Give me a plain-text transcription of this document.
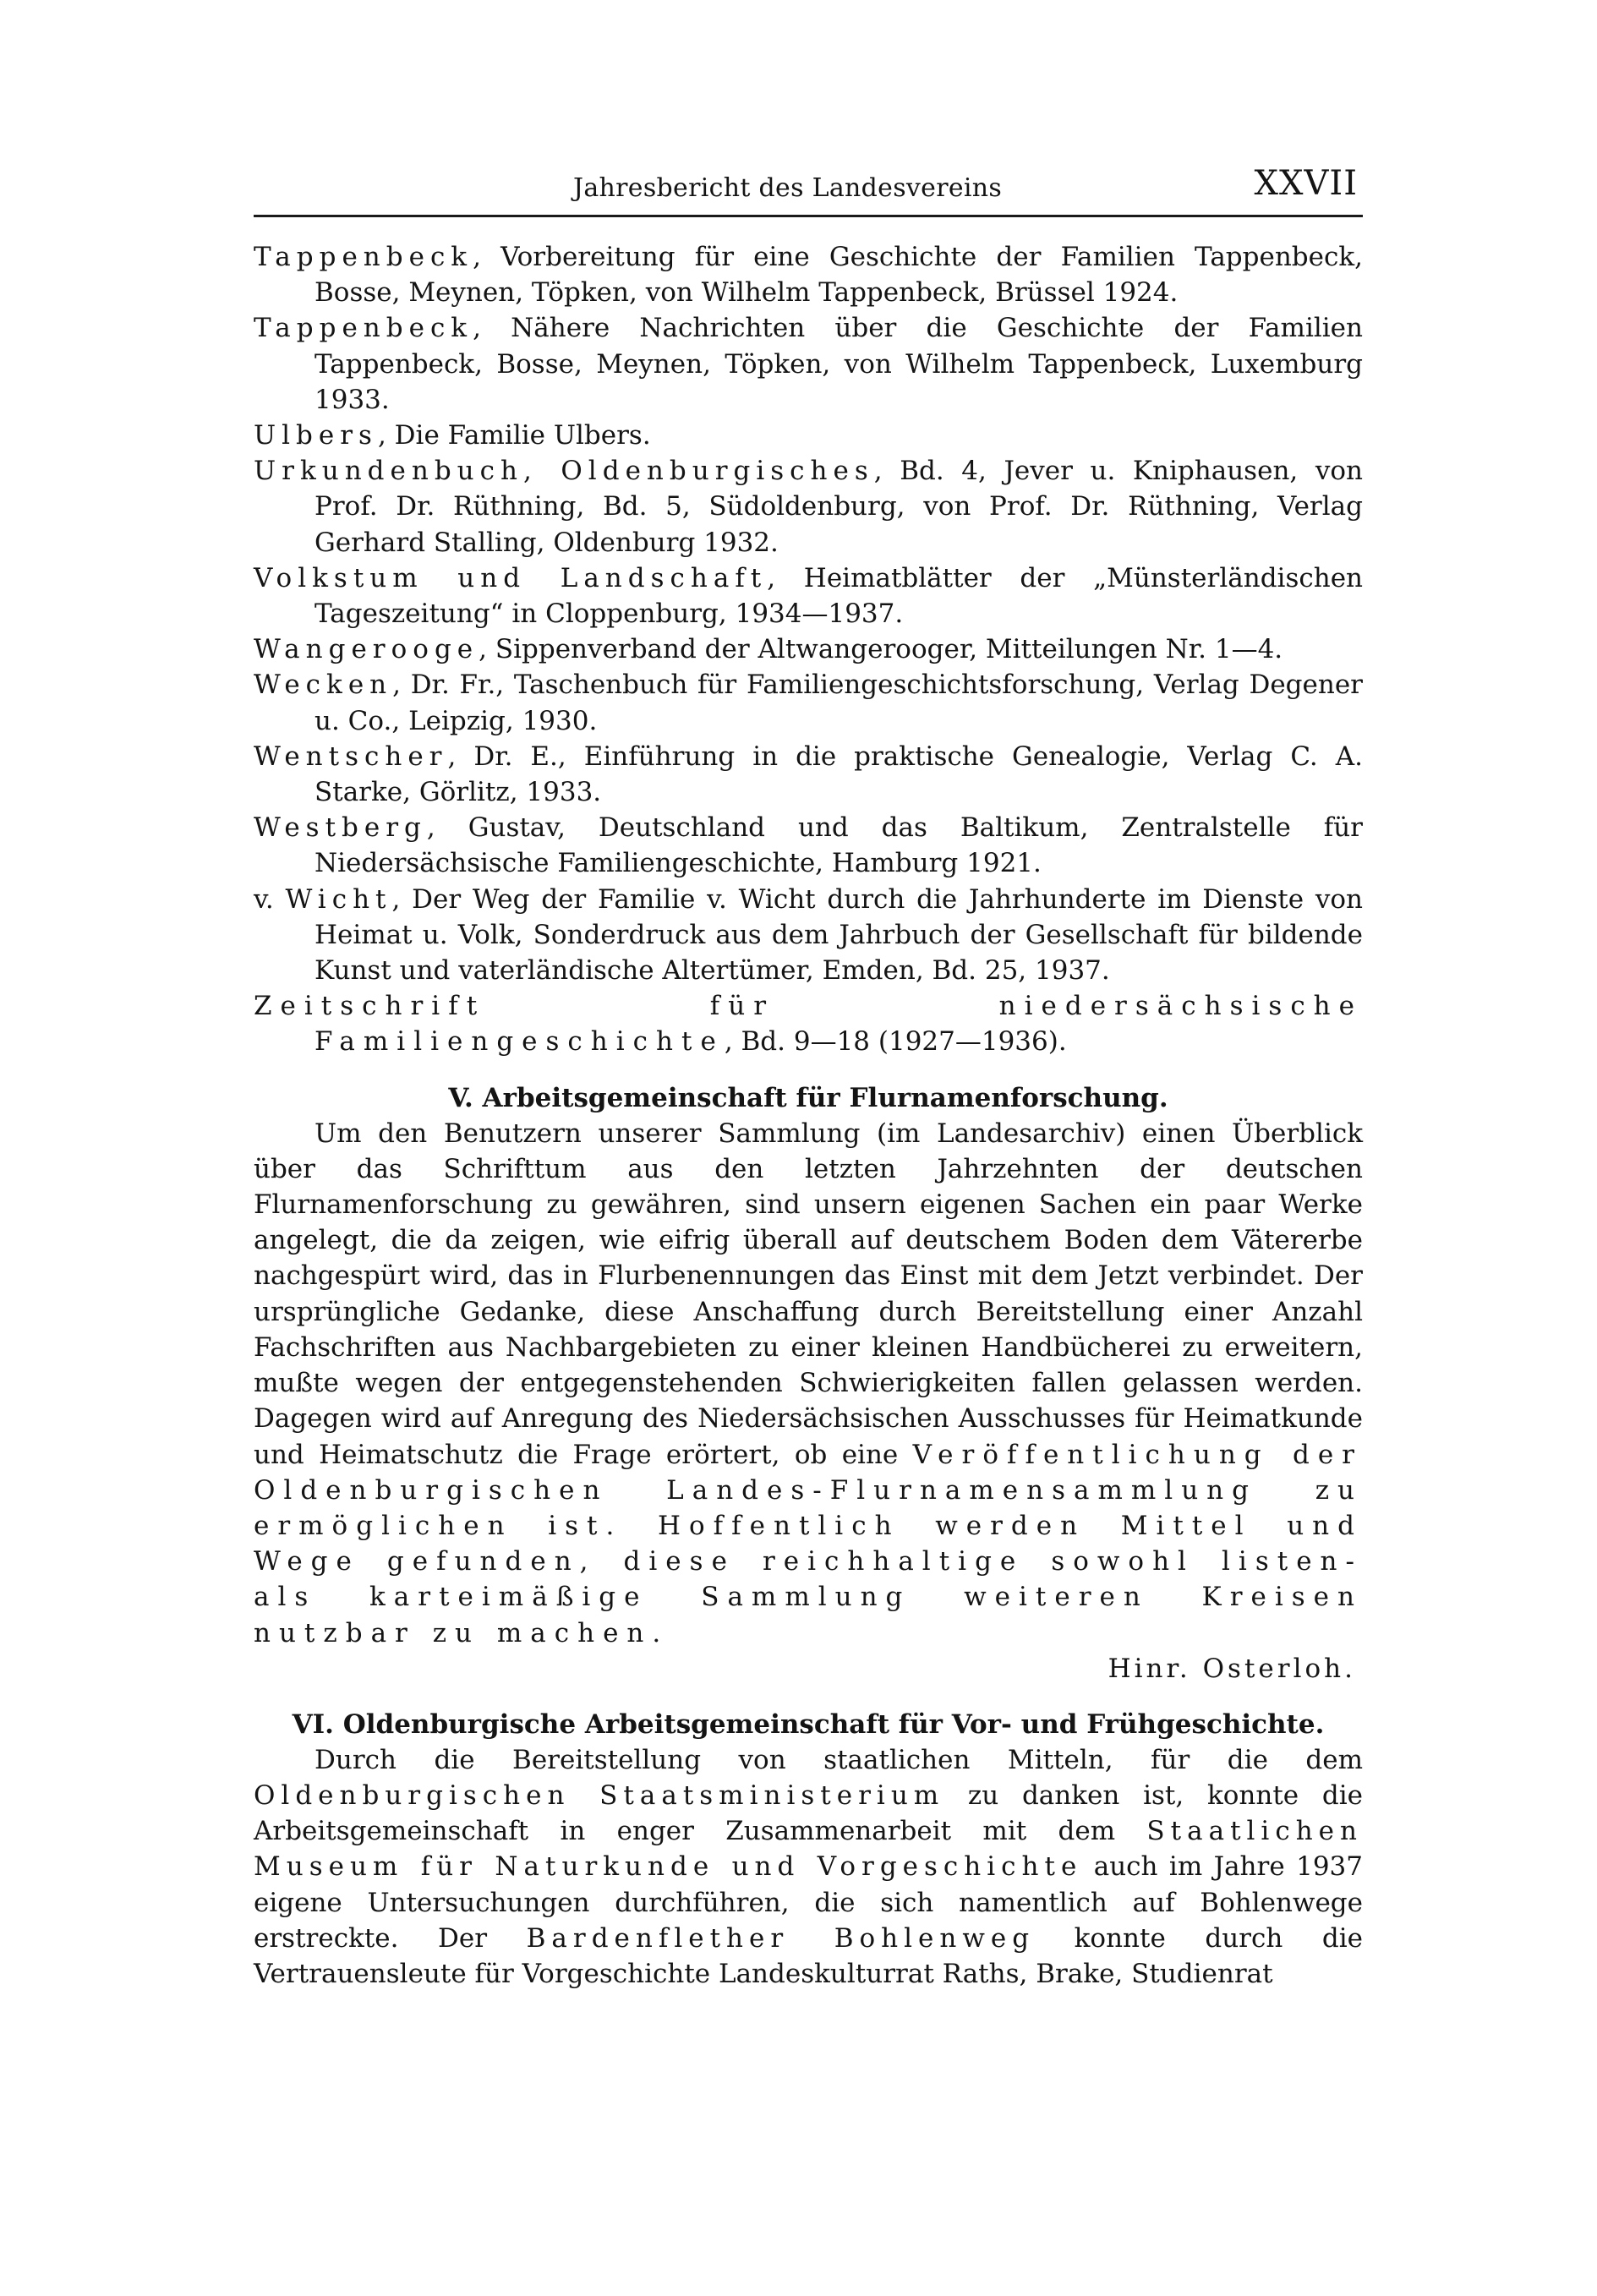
Jahresbericht des Landesvereins	XXVII
Tappenbeck, Vorbereitung für eine Geschichte der Familien Tappenbeck, Bosse, Meynen, Töpken, von Wilhelm Tappenbeck, Brüssel 1924.
Tappenbeck, Nähere Nachrichten über die Geschichte der Familien Tappenbeck, Bosse, Meynen, Töpken, von Wilhelm Tappenbeck, Luxemburg 1933.
Ulbers, Die Familie Ulbers.
Urkundenbuch, Oldenburgisches, Bd. 4, Jever u. Kniphausen, von Prof. Dr. Rüthning, Bd. 5, Südoldenburg, von Prof. Dr. Rüthning, Verlag Gerhard Stalling, Oldenburg 1932.
Volkstum und Landschaft, Heimatblätter der „Münsterländischen Tageszeitung“ in Cloppenburg, 1934—1937.
Wangerooge, Sippenverband der Altwangerooger, Mitteilungen Nr. 1—4.
Wecken, Dr. Fr., Taschenbuch für Familiengeschichtsforschung, Verlag Degener u. Co., Leipzig, 1930.
Wentscher, Dr. E., Einführung in die praktische Genealogie, Verlag C. A. Starke, Görlitz, 1933.
Westberg, Gustav, Deutschland und das Baltikum, Zentralstelle für Niedersächsische Familiengeschichte, Hamburg 1921.
v. Wicht, Der Weg der Familie v. Wicht durch die Jahrhunderte im Dienste von Heimat u. Volk, Sonderdruck aus dem Jahrbuch der Gesellschaft für bildende Kunst und vaterländische Altertümer, Emden, Bd. 25, 1937.
Zeitschrift für niedersächsische Familiengeschichte, Bd. 9—18 (1927—1936).
V. Arbeitsgemeinschaft für Flurnamenforschung.
Um den Benutzern unserer Sammlung (im Landesarchiv) einen Überblick über das Schrifttum aus den letzten Jahrzehnten der deutschen Flurnamenforschung zu gewähren, sind unsern eigenen Sachen ein paar Werke angelegt, die da zeigen, wie eifrig überall auf deutschem Boden dem Vätererbe nachgespürt wird, das in Flurbenennungen das Einst mit dem Jetzt verbindet. Der ursprüngliche Gedanke, diese Anschaffung durch Bereitstellung einer Anzahl Fachschriften aus Nachbargebieten zu einer kleinen Handbücherei zu erweitern, mußte wegen der entgegenstehenden Schwierigkeiten fallen gelassen werden. Dagegen wird auf Anregung des Niedersächsischen Ausschusses für Heimatkunde und Heimatschutz die Frage erörtert, ob eine Veröffentlichung der Oldenburgischen Landes-Flurnamensammlung zu ermöglichen ist. Hoffentlich werden Mittel und Wege gefunden, diese reichhaltige sowohl listen- als karteimäßige Sammlung weiteren Kreisen nutzbar zu machen.
Hinr. Osterloh.
VI. Oldenburgische Arbeitsgemeinschaft für Vor- und Frühgeschichte.
Durch die Bereitstellung von staatlichen Mitteln, für die dem Oldenburgischen Staatsministerium zu danken ist, konnte die Arbeitsgemeinschaft in enger Zusammenarbeit mit dem Staatlichen Museum für Naturkunde und Vorgeschichte auch im Jahre 1937 eigene Untersuchungen durchführen, die sich namentlich auf Bohlenwege erstreckte. Der Bardenflether Bohlenweg konnte durch die Vertrauensleute für Vorgeschichte Landeskulturrat Raths, Brake, Studienrat
